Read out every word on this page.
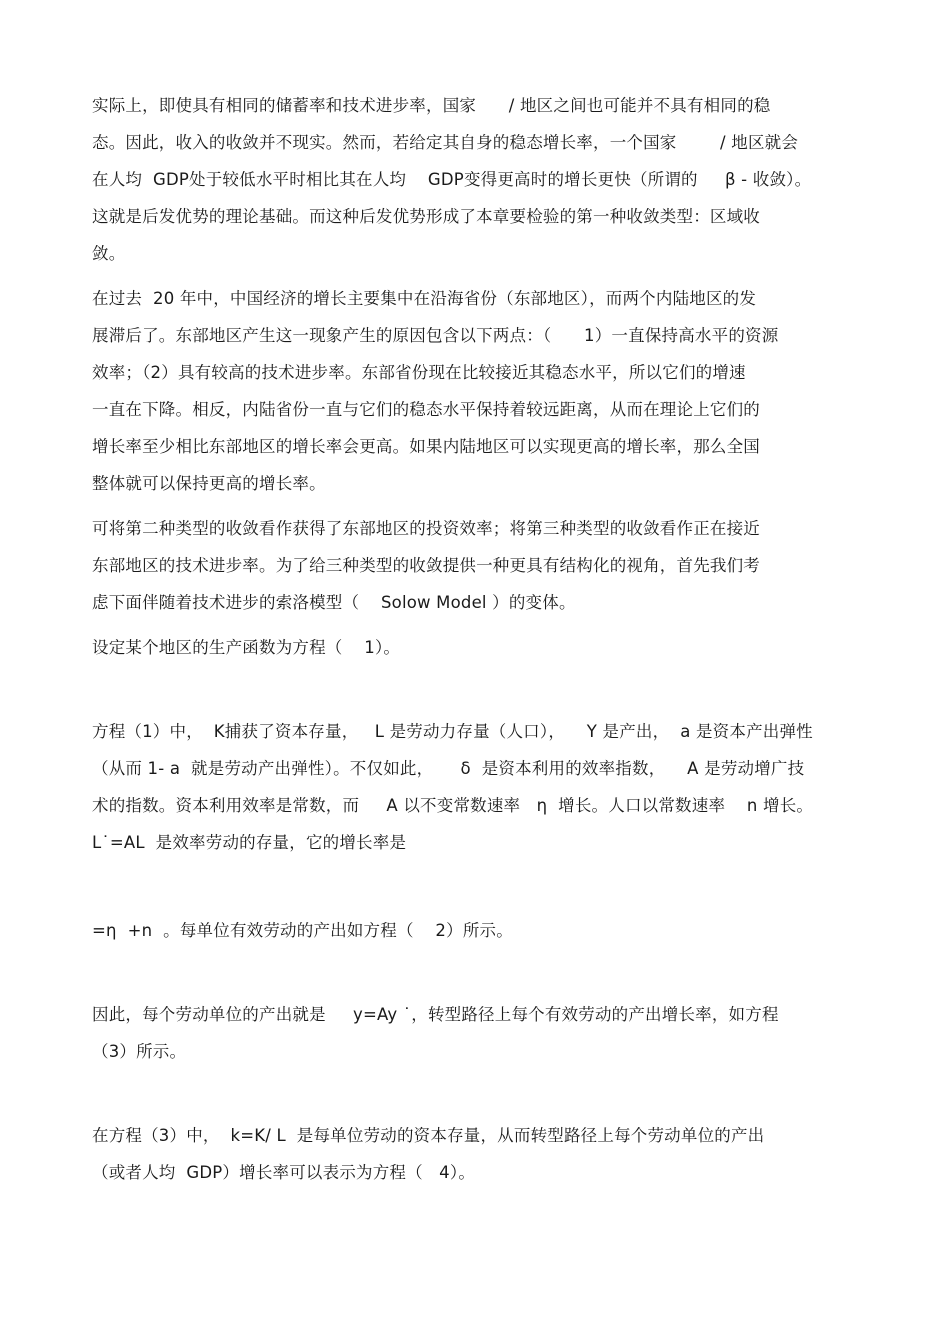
实际上，即使具有相同的储蓄率和技术进步率，国家      / 地区之间也可能并不具有相同的稳

态。因此，收入的收敛并不现实。然而，若给定其自身的稳态增长率，一个国家        / 地区就会

在人均  GDP处于较低水平时相比其在人均    GDP变得更高时的增长更快（所谓的     β - 收敛）。

这就是后发优势的理论基础。而这种后发优势形成了本章要检验的第一种收敛类型：区域收

敛。

在过去  20 年中，中国经济的增长主要集中在沿海省份（东部地区），而两个内陆地区的发

展滞后了。东部地区产生这一现象产生的原因包含以下两点：（      1）一直保持高水平的资源

效率；（2）具有较高的技术进步率。东部省份现在比较接近其稳态水平，所以它们的增速

一直在下降。相反，内陆省份一直与它们的稳态水平保持着较远距离，从而在理论上它们的

增长率至少相比东部地区的增长率会更高。如果内陆地区可以实现更高的增长率，那么全国

整体就可以保持更高的增长率。

可将第二种类型的收敛看作获得了东部地区的投资效率；将第三种类型的收敛看作正在接近

东部地区的技术进步率。为了给三种类型的收敛提供一种更具有结构化的视角，首先我们考

虑下面伴随着技术进步的索洛模型（    Solow Model ）的变体。

设定某个地区的生产函数为方程（    1）。

方程（1）中，  K捕获了资本存量，   L 是劳动力存量（人口），    Y 是产出，  a 是资本产出弹性

（从而 1- a  就是劳动产出弹性）。不仅如此，     δ  是资本利用的效率指数，    A 是劳动增广技

术的指数。资本利用效率是常数，而     A 以不变常数速率   η  增长。人口以常数速率    n 增长。

L˙=AL  是效率劳动的存量，它的增长率是

=η  +n  。每单位有效劳动的产出如方程（    2）所示。

因此，每个劳动单位的产出就是     y=Ay ˙，转型路径上每个有效劳动的产出增长率，如方程

（3）所示。

在方程（3）中，  k=K/ L  是每单位劳动的资本存量，从而转型路径上每个劳动单位的产出

（或者人均  GDP）增长率可以表示为方程（   4）。
